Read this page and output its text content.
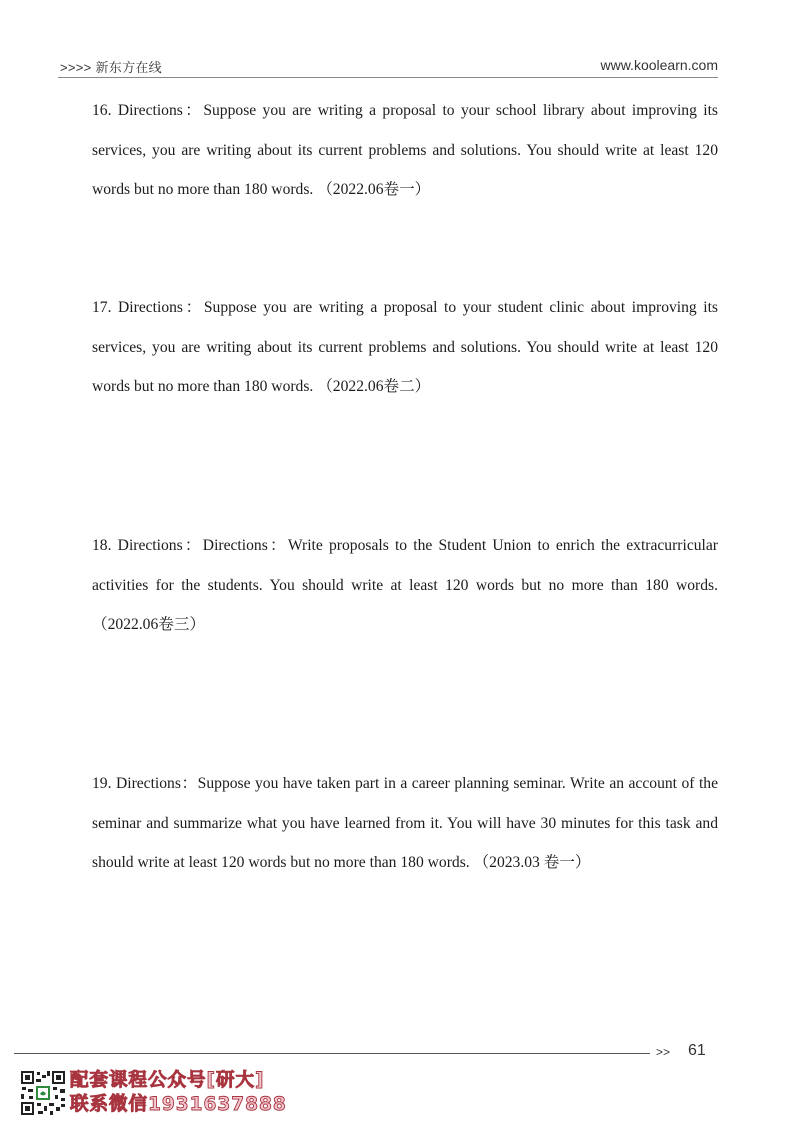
>>>> 新东方在线	www.koolearn.com

16. Directions：Suppose you are writing a proposal to your school library about improving its services, you are writing about its current problems and solutions. You should write at least 120 words but no more than 180 words. （2022.06卷一）

17. Directions：Suppose you are writing a proposal to your student clinic about improving its services, you are writing about its current problems and solutions. You should write at least 120 words but no more than 180 words. （2022.06卷二）

18. Directions：Directions：Write proposals to the Student Union to enrich the extracurricular activities for the students. You should write at least 120 words but no more than 180 words. （2022.06卷三）

19. Directions：Suppose you have taken part in a career planning seminar. Write an account of the seminar and summarize what you have learned from it. You will have 30 minutes for this task and should write at least 120 words but no more than 180 words. （2023.03 卷一）

>> 61
配套课程公众号[研大]
联系微信1931637888
